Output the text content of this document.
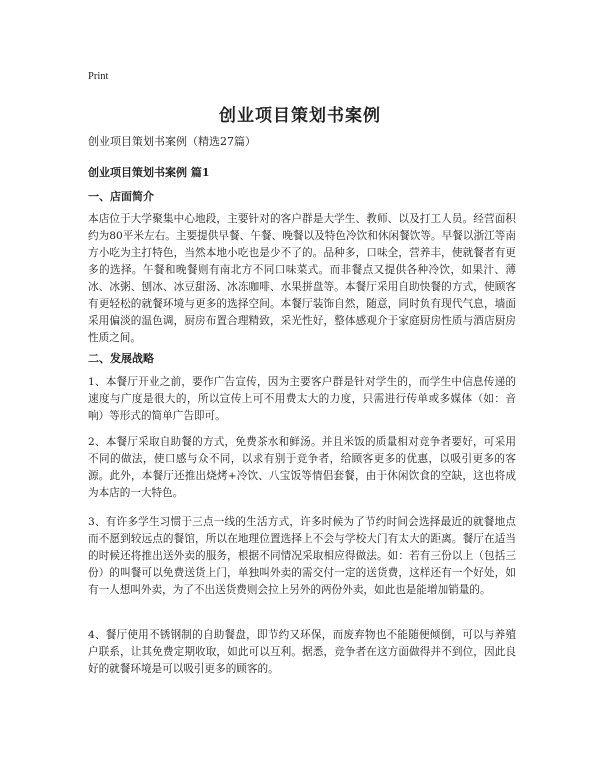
Print
创业项目策划书案例
创业项目策划书案例（精选27篇）
创业项目策划书案例 篇1
一、店面简介
本店位于大学聚集中心地段，主要针对的客户群是大学生、教师、以及打工人员。经营面积约为80平米左右。主要提供早餐、午餐、晚餐以及特色冷饮和休闲餐饮等。早餐以浙江等南方小吃为主打特色，当然本地小吃也是少不了的。品种多，口味全，营养丰，使就餐者有更多的选择。午餐和晚餐则有南北方不同口味菜式。而非餐点又提供各种冷饮，如果汁、薄冰、冰粥、刨冰、冰豆甜汤、冰冻咖啡、水果拼盘等。本餐厅采用自助快餐的方式，使顾客有更轻松的就餐环境与更多的选择空间。本餐厅装饰自然，随意，同时负有现代气息，墙面采用偏淡的温色调，厨房布置合理精致，采光性好，整体感观介于家庭厨房性质与酒店厨房性质之间。
二、发展战略
1、本餐厅开业之前，要作广告宣传，因为主要客户群是针对学生的，而学生中信息传递的速度与广度是很大的，所以宣传上可不用费太大的力度，只需进行传单或多媒体（如：音响）等形式的简单广告即可。
2、本餐厅采取自助餐的方式，免费茶水和鲜汤。并且米饭的质量相对竞争者要好，可采用不同的做法，使口感与众不同，以求有别于竞争者，给顾客更多的优惠，以吸引更多的客源。此外，本餐厅还推出烧烤+冷饮、八宝饭等情侣套餐，由于休闲饮食的空缺，这也将成为本店的一大特色。
3、有许多学生习惯于三点一线的生活方式，许多时候为了节约时间会选择最近的就餐地点而不愿到较远点的餐馆，所以在地理位置选择上不会与学校大门有太大的距离。餐厅在适当的时候还将推出送外卖的服务，根据不同情况采取相应得做法。如：若有三份以上（包括三份）的叫餐可以免费送货上门，单独叫外卖的需交付一定的送货费，这样还有一个好处，如有一人想叫外卖，为了不出送货费则会拉上另外的两份外卖，如此也是能增加销量的。
4、餐厅使用不锈钢制的自助餐盘，即节约又环保，而废弃物也不能随便倾倒，可以与养殖户联系，让其免费定期收取，如此可以互利。据悉，竞争者在这方面做得并不到位，因此良好的就餐环境是可以吸引更多的顾客的。
